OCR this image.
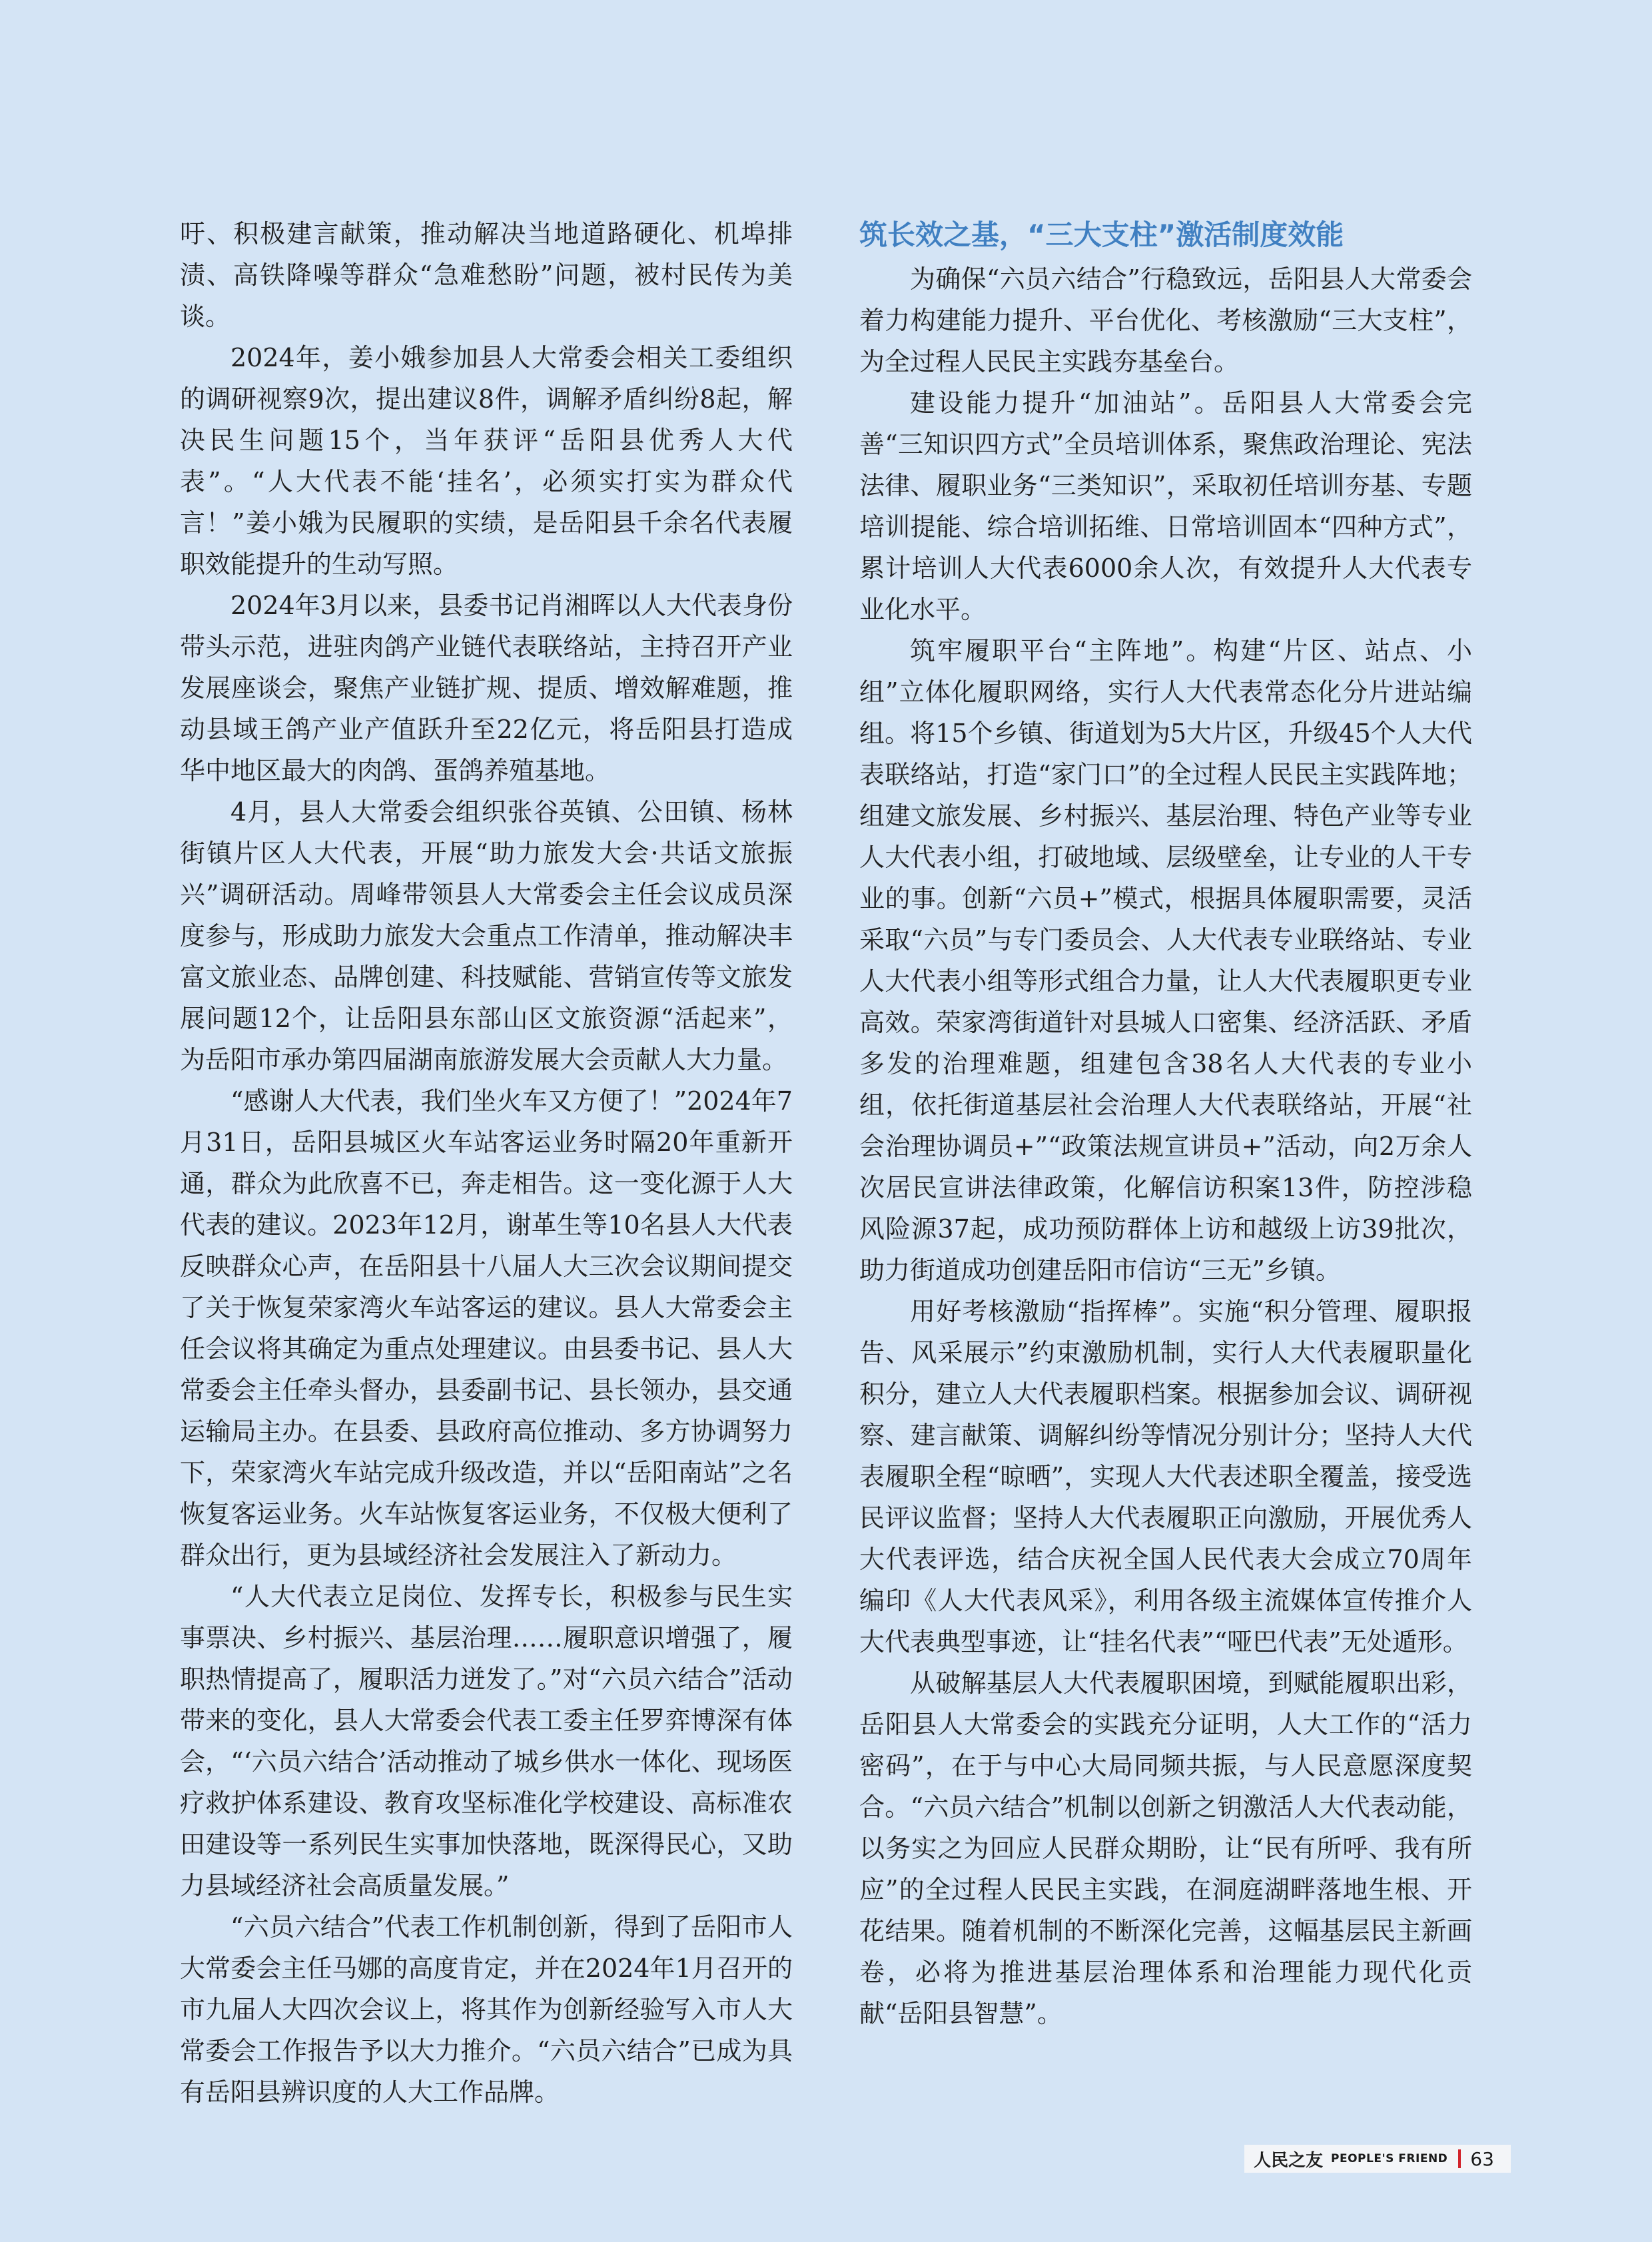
吁、积极建言献策，推动解决当地道路硬化、机埠排渍、高铁降噪等群众“急难愁盼”问题，被村民传为美谈。

2024年，姜小娥参加县人大常委会相关工委组织的调研视察9次，提出建议8件，调解矛盾纠纷8起，解决民生问题15个，当年获评“岳阳县优秀人大代表”。“人大代表不能‘挂名’，必须实打实为群众代言！”姜小娥为民履职的实绩，是岳阳县千余名代表履职效能提升的生动写照。

2024年3月以来，县委书记肖湘晖以人大代表身份带头示范，进驻肉鸽产业链代表联络站，主持召开产业发展座谈会，聚焦产业链扩规、提质、增效解难题，推动县域王鸽产业产值跃升至22亿元，将岳阳县打造成华中地区最大的肉鸽、蛋鸽养殖基地。

4月，县人大常委会组织张谷英镇、公田镇、杨林街镇片区人大代表，开展“助力旅发大会·共话文旅振兴”调研活动。周峰带领县人大常委会主任会议成员深度参与，形成助力旅发大会重点工作清单，推动解决丰富文旅业态、品牌创建、科技赋能、营销宣传等文旅发展问题12个，让岳阳县东部山区文旅资源“活起来”，为岳阳市承办第四届湖南旅游发展大会贡献人大力量。

“感谢人大代表，我们坐火车又方便了！”2024年7月31日，岳阳县城区火车站客运业务时隔20年重新开通，群众为此欣喜不已，奔走相告。这一变化源于人大代表的建议。2023年12月，谢革生等10名县人大代表反映群众心声，在岳阳县十八届人大三次会议期间提交了关于恢复荣家湾火车站客运的建议。县人大常委会主任会议将其确定为重点处理建议。由县委书记、县人大常委会主任牵头督办，县委副书记、县长领办，县交通运输局主办。在县委、县政府高位推动、多方协调努力下，荣家湾火车站完成升级改造，并以“岳阳南站”之名恢复客运业务。火车站恢复客运业务，不仅极大便利了群众出行，更为县域经济社会发展注入了新动力。

“人大代表立足岗位、发挥专长，积极参与民生实事票决、乡村振兴、基层治理……履职意识增强了，履职热情提高了，履职活力迸发了。”对“六员六结合”活动带来的变化，县人大常委会代表工委主任罗弈博深有体会，“‘六员六结合’活动推动了城乡供水一体化、现场医疗救护体系建设、教育攻坚标准化学校建设、高标准农田建设等一系列民生实事加快落地，既深得民心，又助力县域经济社会高质量发展。”

“六员六结合”代表工作机制创新，得到了岳阳市人大常委会主任马娜的高度肯定，并在2024年1月召开的市九届人大四次会议上，将其作为创新经验写入市人大常委会工作报告予以大力推介。“六员六结合”已成为具有岳阳县辨识度的人大工作品牌。

筑长效之基，“三大支柱”激活制度效能

为确保“六员六结合”行稳致远，岳阳县人大常委会着力构建能力提升、平台优化、考核激励“三大支柱”，为全过程人民民主实践夯基垒台。

建设能力提升“加油站”。岳阳县人大常委会完善“三知识四方式”全员培训体系，聚焦政治理论、宪法法律、履职业务“三类知识”，采取初任培训夯基、专题培训提能、综合培训拓维、日常培训固本“四种方式”，累计培训人大代表6000余人次，有效提升人大代表专业化水平。

筑牢履职平台“主阵地”。构建“片区、站点、小组”立体化履职网络，实行人大代表常态化分片进站编组。将15个乡镇、街道划为5大片区，升级45个人大代表联络站，打造“家门口”的全过程人民民主实践阵地；组建文旅发展、乡村振兴、基层治理、特色产业等专业人大代表小组，打破地域、层级壁垒，让专业的人干专业的事。创新“六员+”模式，根据具体履职需要，灵活采取“六员”与专门委员会、人大代表专业联络站、专业人大代表小组等形式组合力量，让人大代表履职更专业高效。荣家湾街道针对县城人口密集、经济活跃、矛盾多发的治理难题，组建包含38名人大代表的专业小组，依托街道基层社会治理人大代表联络站，开展“社会治理协调员+”“政策法规宣讲员+”活动，向2万余人次居民宣讲法律政策，化解信访积案13件，防控涉稳风险源37起，成功预防群体上访和越级上访39批次，助力街道成功创建岳阳市信访“三无”乡镇。

用好考核激励“指挥棒”。实施“积分管理、履职报告、风采展示”约束激励机制，实行人大代表履职量化积分，建立人大代表履职档案。根据参加会议、调研视察、建言献策、调解纠纷等情况分别计分；坚持人大代表履职全程“晾晒”，实现人大代表述职全覆盖，接受选民评议监督；坚持人大代表履职正向激励，开展优秀人大代表评选，结合庆祝全国人民代表大会成立70周年编印《人大代表风采》，利用各级主流媒体宣传推介人大代表典型事迹，让“挂名代表”“哑巴代表”无处遁形。

从破解基层人大代表履职困境，到赋能履职出彩，岳阳县人大常委会的实践充分证明，人大工作的“活力密码”，在于与中心大局同频共振，与人民意愿深度契合。“六员六结合”机制以创新之钥激活人大代表动能，以务实之为回应人民群众期盼，让“民有所呼、我有所应”的全过程人民民主实践，在洞庭湖畔落地生根、开花结果。随着机制的不断深化完善，这幅基层民主新画卷，必将为推进基层治理体系和治理能力现代化贡献“岳阳县智慧”。

人民之友 PEOPLE'S FRIEND 63
